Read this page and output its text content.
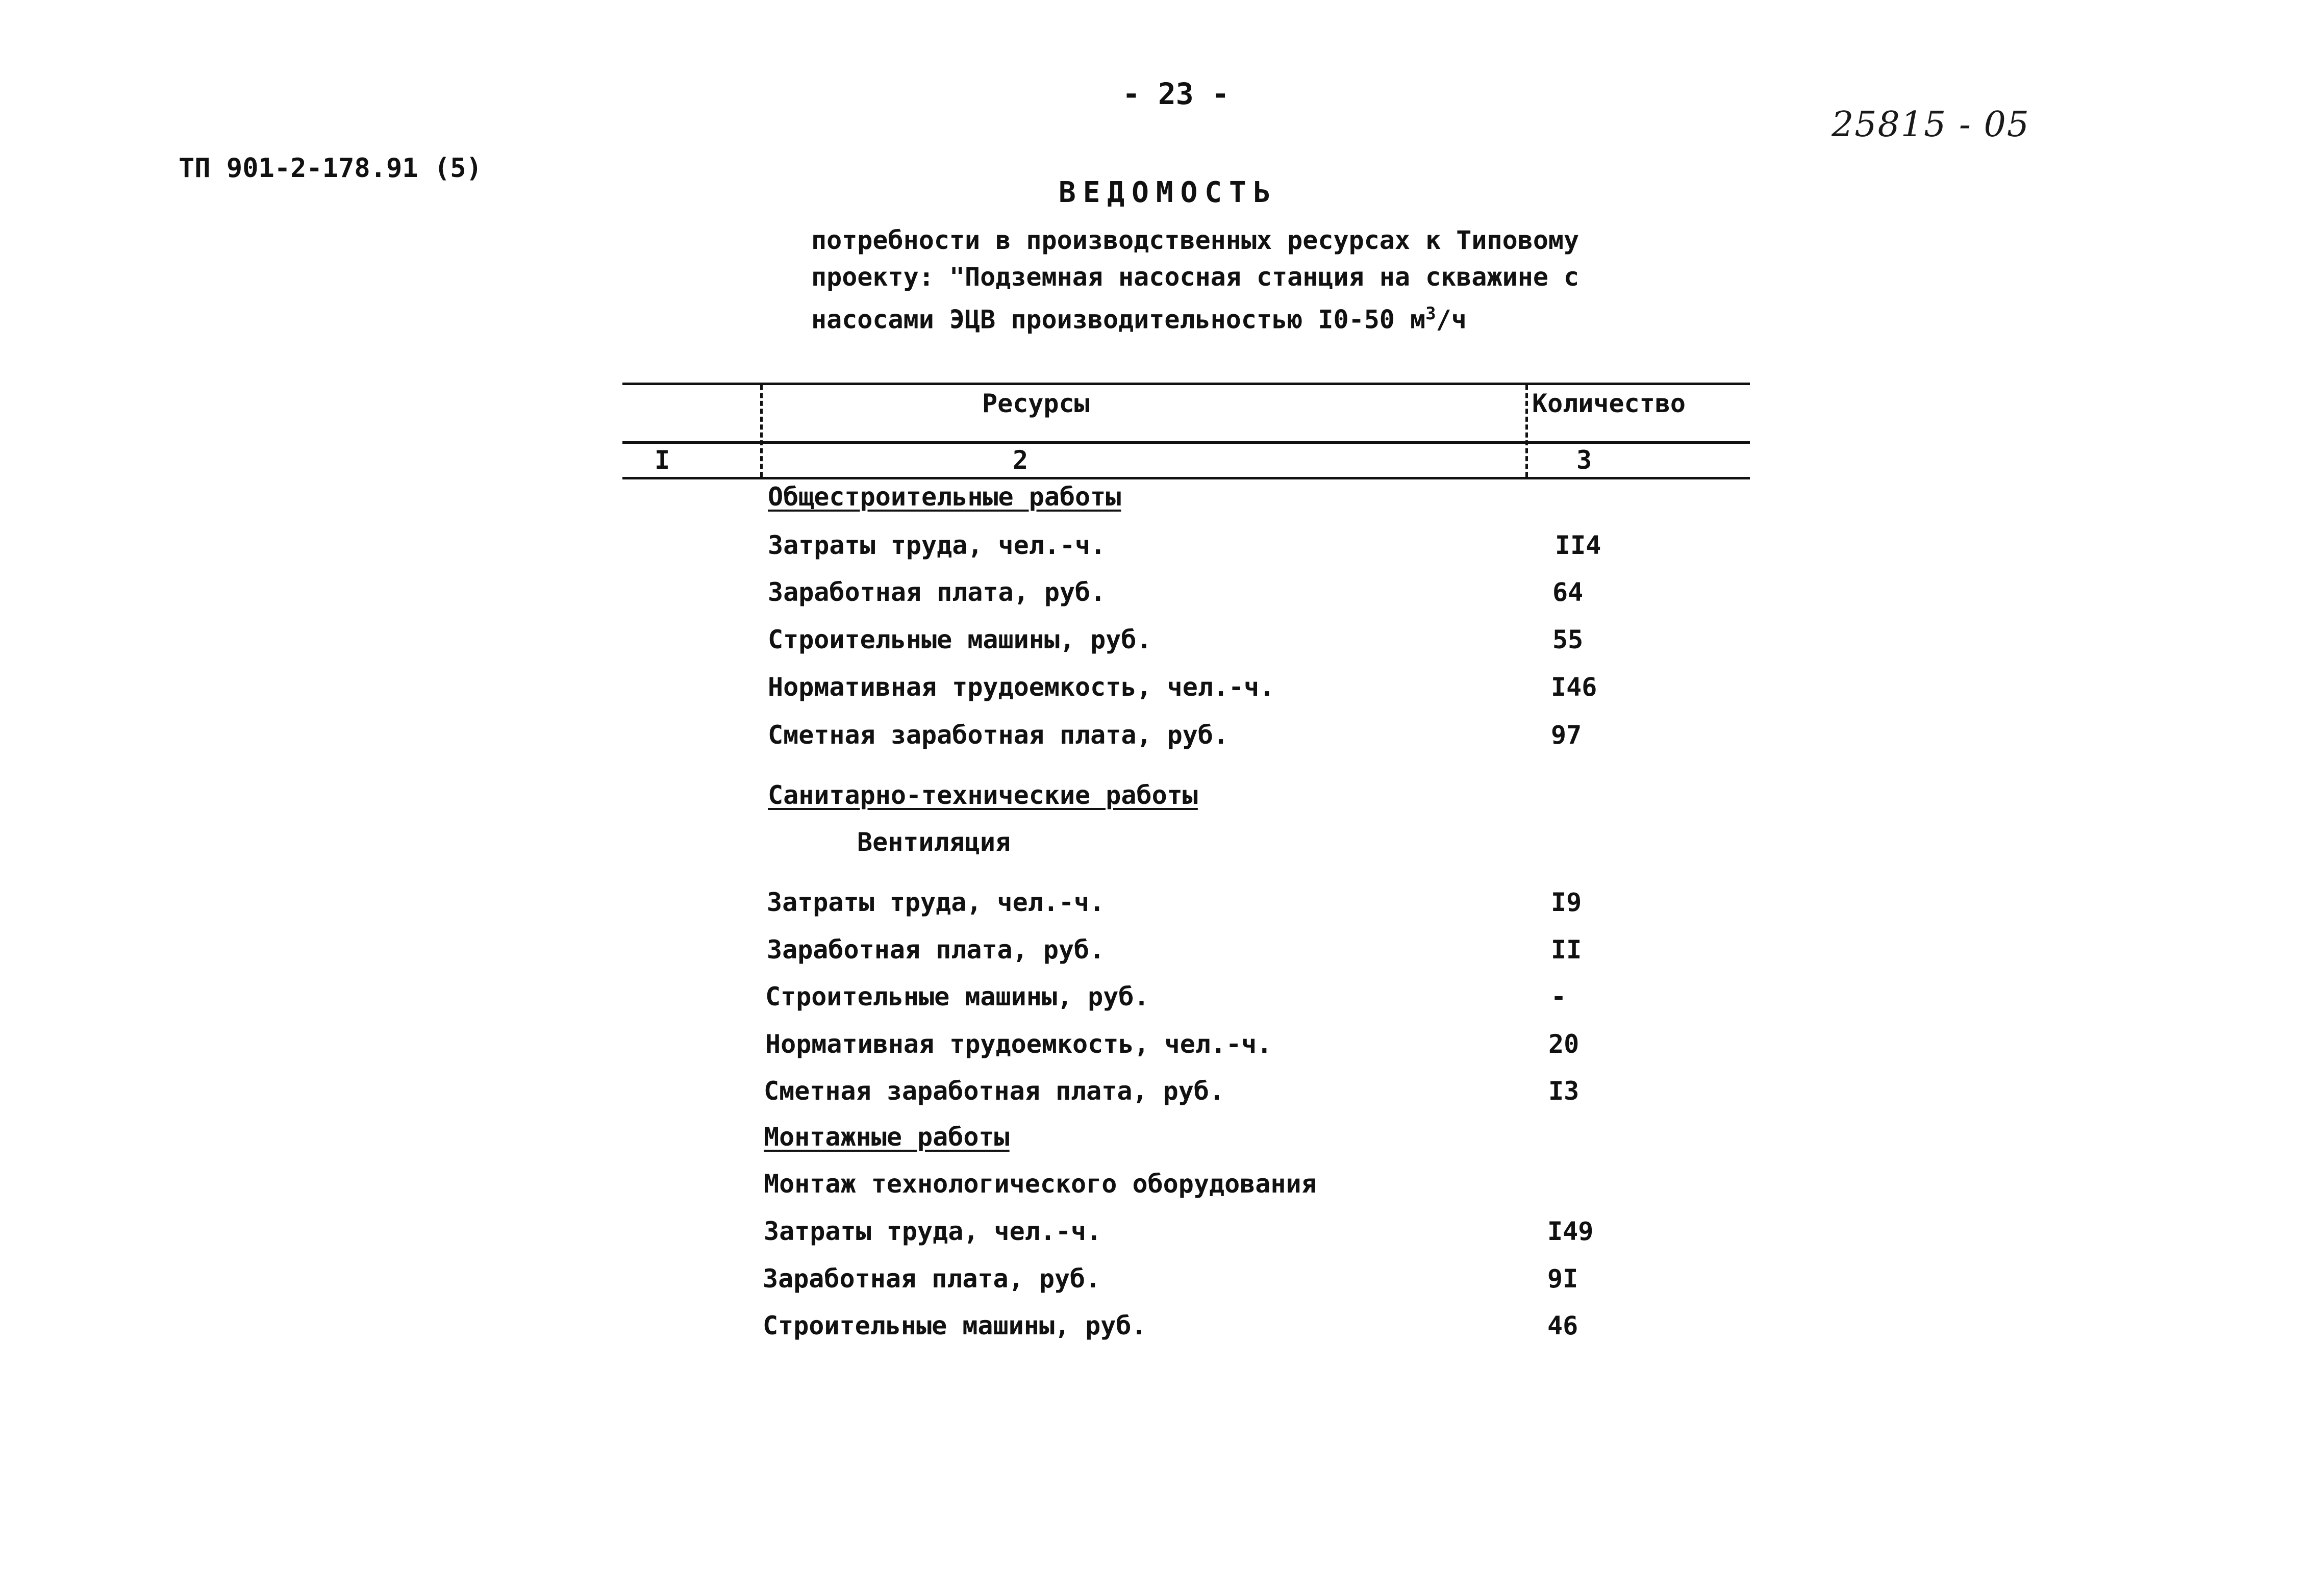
- 23 -
ТП 901-2-178.91 (5)
25815 - 05
ВЕДОМОСТЬ
потребности в производственных ресурсах к Типовому
проекту: "Подземная насосная станция на скважине с
насосами ЭЦВ производительностью I0-50 $м^3/ч$
Ресурсы	Количество
I	2	3
Общестроительные работы
Затраты труда, чел.-ч.	II4
Заработная плата, руб.	64
Строительные машины, руб.	55
Нормативная трудоемкость, чел.-ч.	I46
Сметная заработная плата, руб.	97
Санитарно-технические работы
Вентиляция
Затраты труда, чел.-ч.	I9
Заработная плата, руб.	II
Строительные машины, руб.	-
Нормативная трудоемкость, чел.-ч.	20
Сметная заработная плата, руб.	I3
Монтажные работы
Монтаж технологического оборудования
Затраты труда, чел.-ч.	I49
Заработная плата, руб.	9I
Строительные машины, руб.	46
